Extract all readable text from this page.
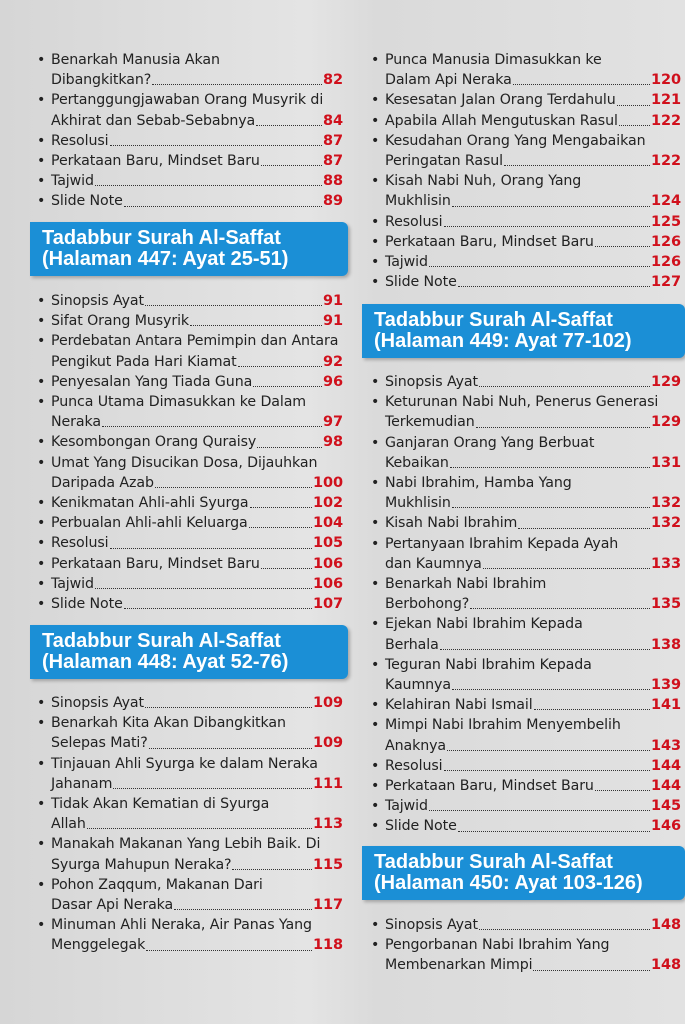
• Benarkah Manusia Akan
Dibangkitkan?	82
• Pertanggungjawaban Orang Musyrik di
Akhirat dan Sebab-Sebabnya	84
• Resolusi	87
• Perkataan Baru, Mindset Baru	87
• Tajwid	88
• Slide Note	89
Tadabbur Surah Al-Saffat
(Halaman 447: Ayat 25-51)
• Sinopsis Ayat	91
• Sifat Orang Musyrik	91
• Perdebatan Antara Pemimpin dan Antara
Pengikut Pada Hari Kiamat	92
• Penyesalan Yang Tiada Guna	96
• Punca Utama Dimasukkan ke Dalam
Neraka	97
• Kesombongan Orang Quraisy	98
• Umat Yang Disucikan Dosa, Dijauhkan
Daripada Azab	100
• Kenikmatan Ahli-ahli Syurga	102
• Perbualan Ahli-ahli Keluarga	104
• Resolusi	105
• Perkataan Baru, Mindset Baru	106
• Tajwid	106
• Slide Note	107
Tadabbur Surah Al-Saffat
(Halaman 448: Ayat 52-76)
• Sinopsis Ayat	109
• Benarkah Kita Akan Dibangkitkan
Selepas Mati?	109
• Tinjauan Ahli Syurga ke dalam Neraka
Jahanam	111
• Tidak Akan Kematian di Syurga
Allah	113
• Manakah Makanan Yang Lebih Baik. Di
Syurga Mahupun Neraka?	115
• Pohon Zaqqum, Makanan Dari
Dasar Api Neraka	117
• Minuman Ahli Neraka, Air Panas Yang
Menggelegak	118
• Punca Manusia Dimasukkan ke
Dalam Api Neraka	120
• Kesesatan Jalan Orang Terdahulu 121
• Apabila Allah Mengutuskan Rasul 122
• Kesudahan Orang Yang Mengabaikan
Peringatan Rasul	122
• Kisah Nabi Nuh, Orang Yang
Mukhlisin	124
• Resolusi	125
• Perkataan Baru, Mindset Baru	126
• Tajwid	126
• Slide Note	127
Tadabbur Surah Al-Saffat
(Halaman 449: Ayat 77-102)
• Sinopsis Ayat	129
• Keturunan Nabi Nuh, Penerus Generasi
Terkemudian	129
• Ganjaran Orang Yang Berbuat
Kebaikan	131
• Nabi Ibrahim, Hamba Yang
Mukhlisin	132
• Kisah Nabi Ibrahim	132
• Pertanyaan Ibrahim Kepada Ayah
dan Kaumnya	133
• Benarkah Nabi Ibrahim
Berbohong?	135
• Ejekan Nabi Ibrahim Kepada
Berhala	138
• Teguran Nabi Ibrahim Kepada
Kaumnya	139
• Kelahiran Nabi Ismail	141
• Mimpi Nabi Ibrahim Menyembelih
Anaknya	143
• Resolusi	144
• Perkataan Baru, Mindset Baru	144
• Tajwid	145
• Slide Note	146
Tadabbur Surah Al-Saffat
(Halaman 450: Ayat 103-126)
• Sinopsis Ayat	148
• Pengorbanan Nabi Ibrahim Yang
Membenarkan Mimpi	148
